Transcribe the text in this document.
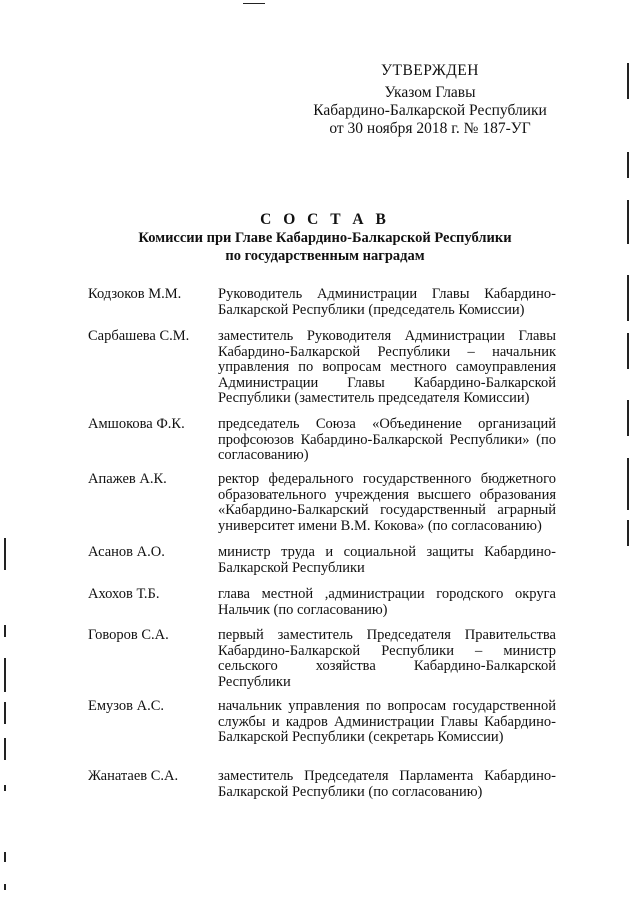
УТВЕРЖДЕН

Указом Главы

Кабардино-Балкарской Республики

от 30 ноября 2018 г. № 187-УГ

С О С Т А В
Комиссии при Главе Кабардино-Балкарской Республики
по государственным наградам
Кодзоков М.М.	Руководитель Администрации Главы Кабардино-Балкарской Республики (председатель Комиссии)
Сарбашева С.М.	заместитель Руководителя Администрации Главы Кабардино-Балкарской Республики – начальник управления по вопросам местного самоуправления Администрации Главы Кабардино-Балкарской Республики (заместитель председателя Комиссии)
Амшокова Ф.К.	председатель Союза «Объединение организаций профсоюзов Кабардино-Балкарской Республики» (по согласованию)
Апажев А.К.	ректор федерального государственного бюджетного образовательного учреждения высшего образования «Кабардино-Балкарский государственный аграрный университет имени В.М. Кокова» (по согласованию)
Асанов А.О.	министр труда и социальной защиты Кабардино-Балкарской Республики
Ахохов Т.Б.	глава местной ,администрации городского округа Нальчик (по согласованию)
Говоров С.А.	первый заместитель Председателя Правительства Кабардино-Балкарской Республики – министр сельского хозяйства Кабардино-Балкарской Республики
Емузов А.С.	начальник управления по вопросам государственной службы и кадров Администрации Главы Кабардино-Балкарской Республики (секретарь Комиссии)
Жанатаев С.А.	заместитель Председателя Парламента Кабардино-Балкарской Республики (по согласованию)
